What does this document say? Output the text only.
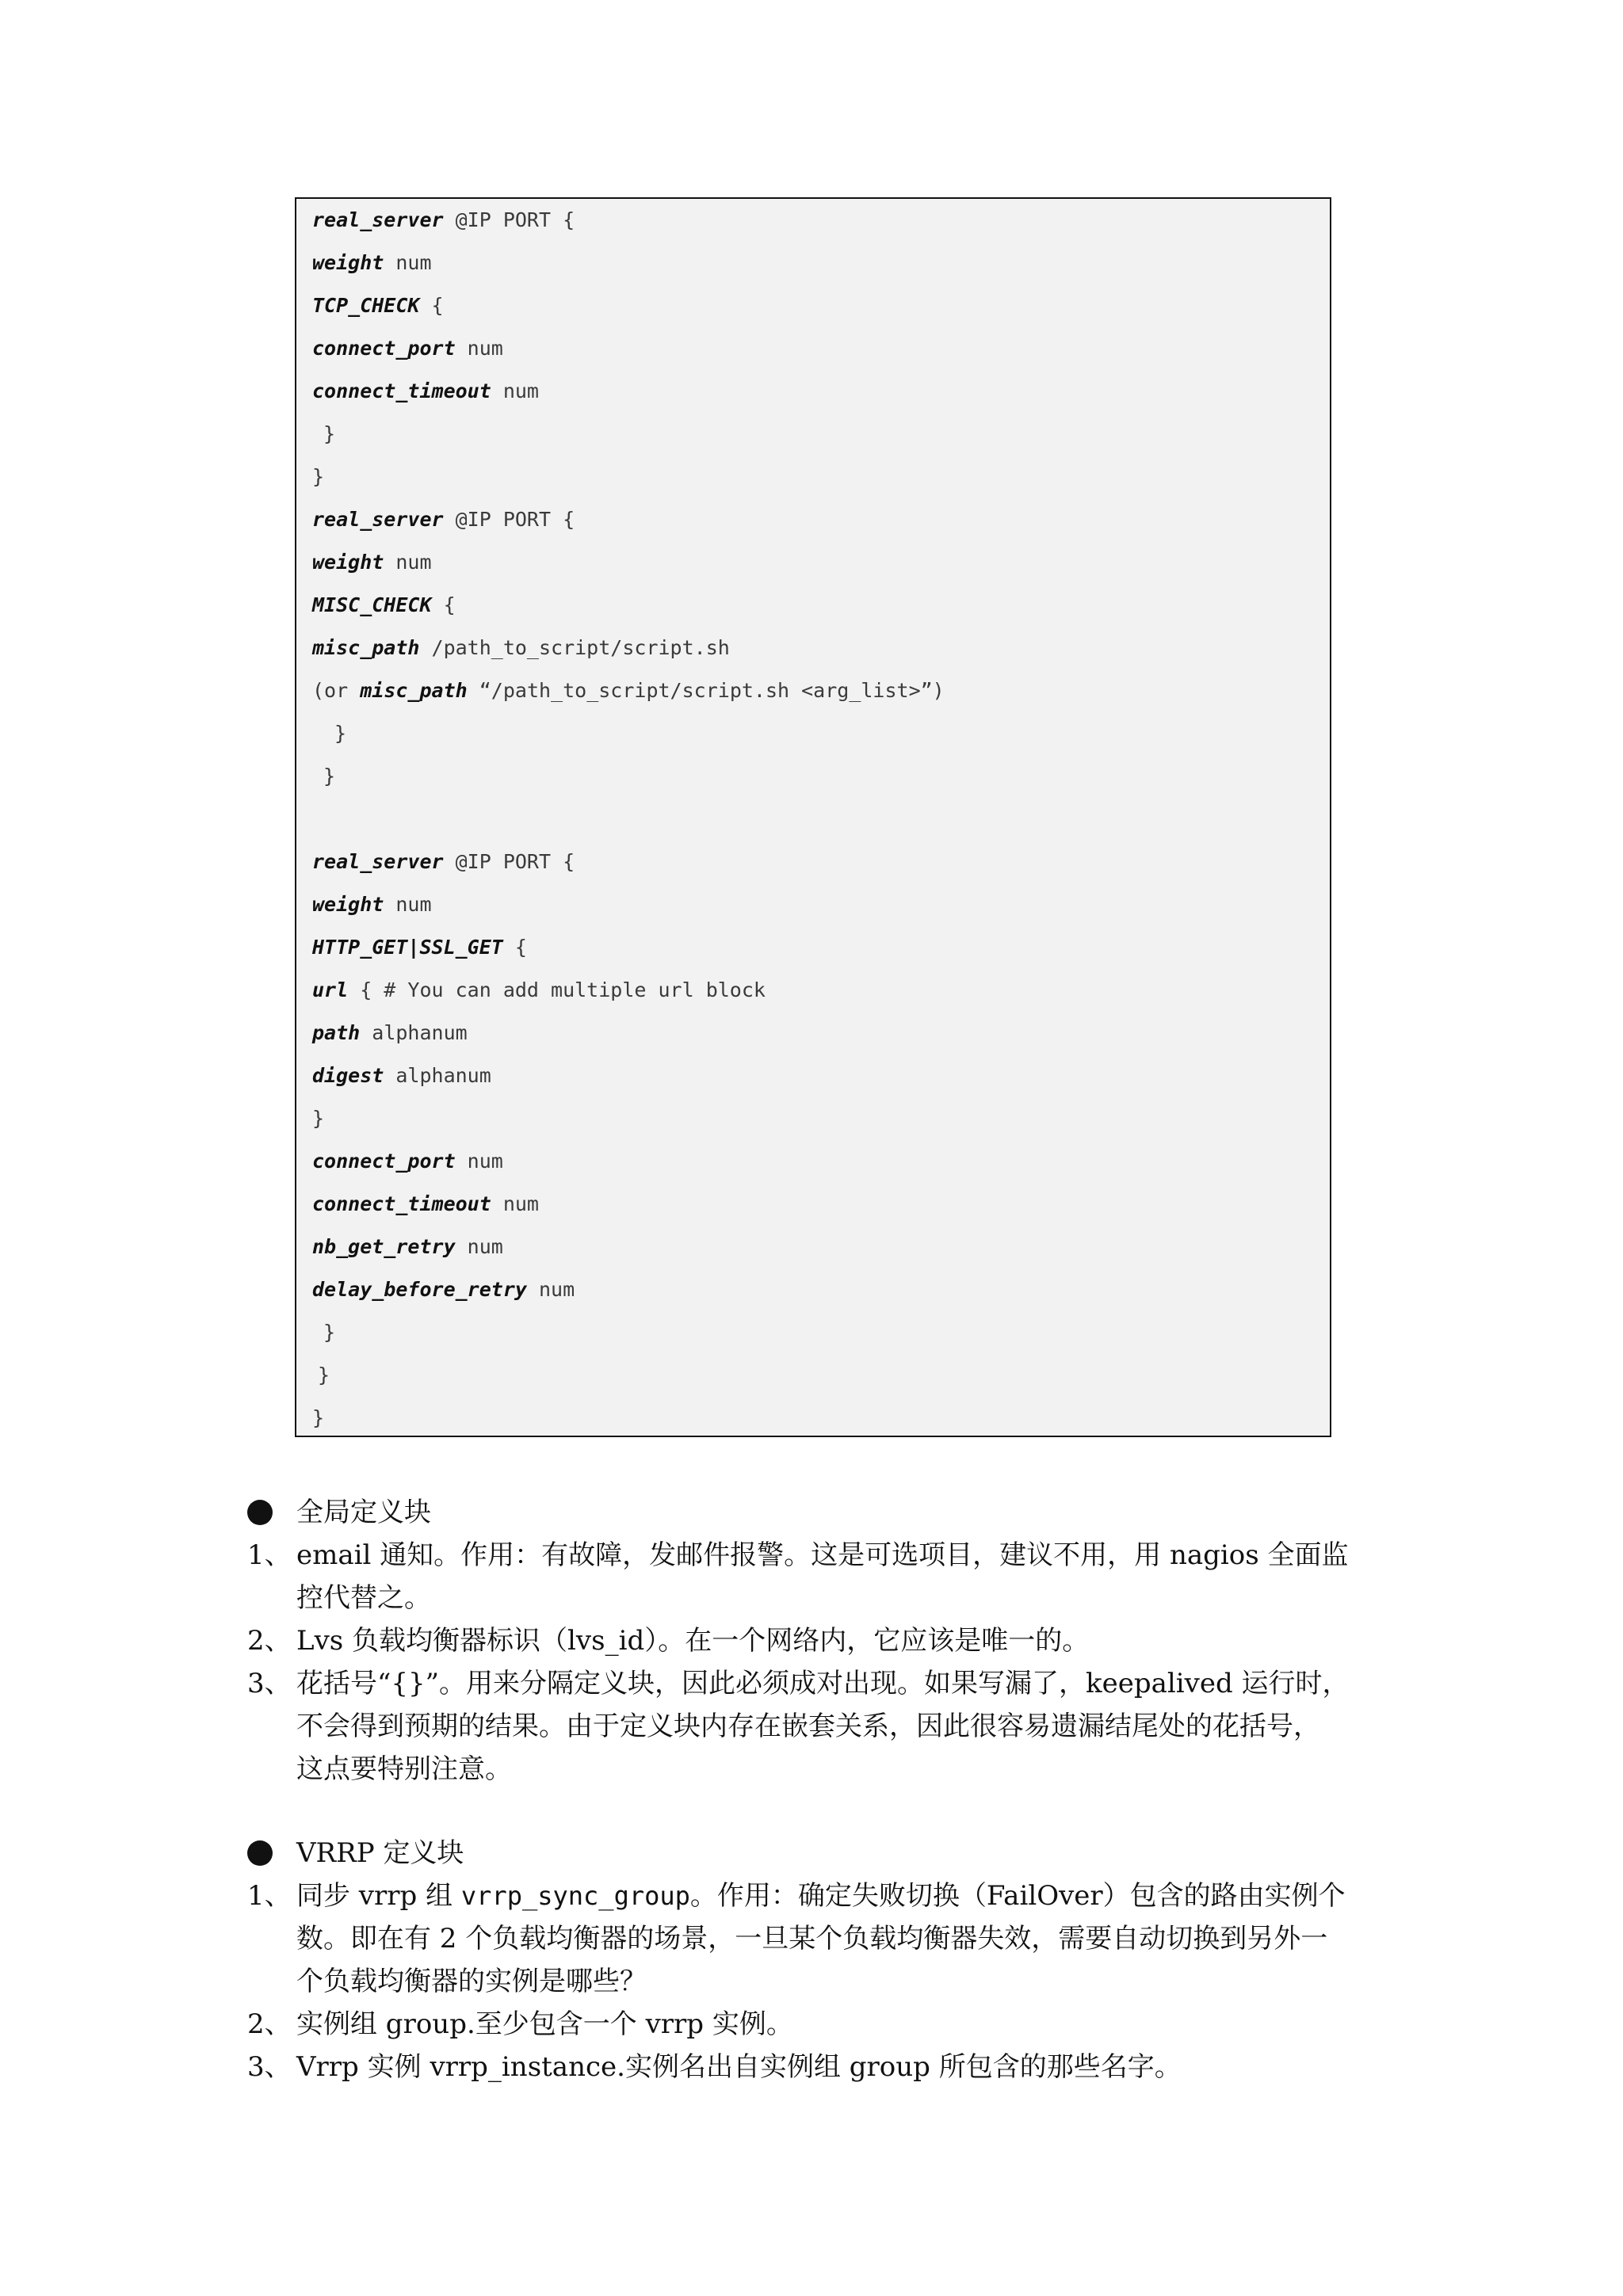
real_server @IP PORT {
weight num
TCP_CHECK {
connect_port num
connect_timeout num
}
}
real_server @IP PORT {
weight num
MISC_CHECK {
misc_path /path_to_script/script.sh
(or misc_path “/path_to_script/script.sh <arg_list>”)
}
}
real_server @IP PORT {
weight num
HTTP_GET|SSL_GET {
url { # You can add multiple url block
path alphanum
digest alphanum
}
connect_port num
connect_timeout num
nb_get_retry num
delay_before_retry num
}
}
}
全局定义块
1、 email 通知。作用：有故障，发邮件报警。这是可选项目，建议不用，用 nagios 全面监
控代替之。
2、 Lvs 负载均衡器标识（lvs_id）。在一个网络内，它应该是唯一的。
3、 花括号“{}”。用来分隔定义块，因此必须成对出现。如果写漏了，keepalived 运行时，
不会得到预期的结果。由于定义块内存在嵌套关系，因此很容易遗漏结尾处的花括号，
这点要特别注意。
VRRP 定义块
1、 同步 vrrp 组 vrrp_sync_group。作用：确定失败切换（FailOver）包含的路由实例个
数。即在有 2 个负载均衡器的场景，一旦某个负载均衡器失效，需要自动切换到另外一
个负载均衡器的实例是哪些？
2、 实例组 group.至少包含一个 vrrp 实例。
3、 Vrrp 实例 vrrp_instance.实例名出自实例组 group 所包含的那些名字。
